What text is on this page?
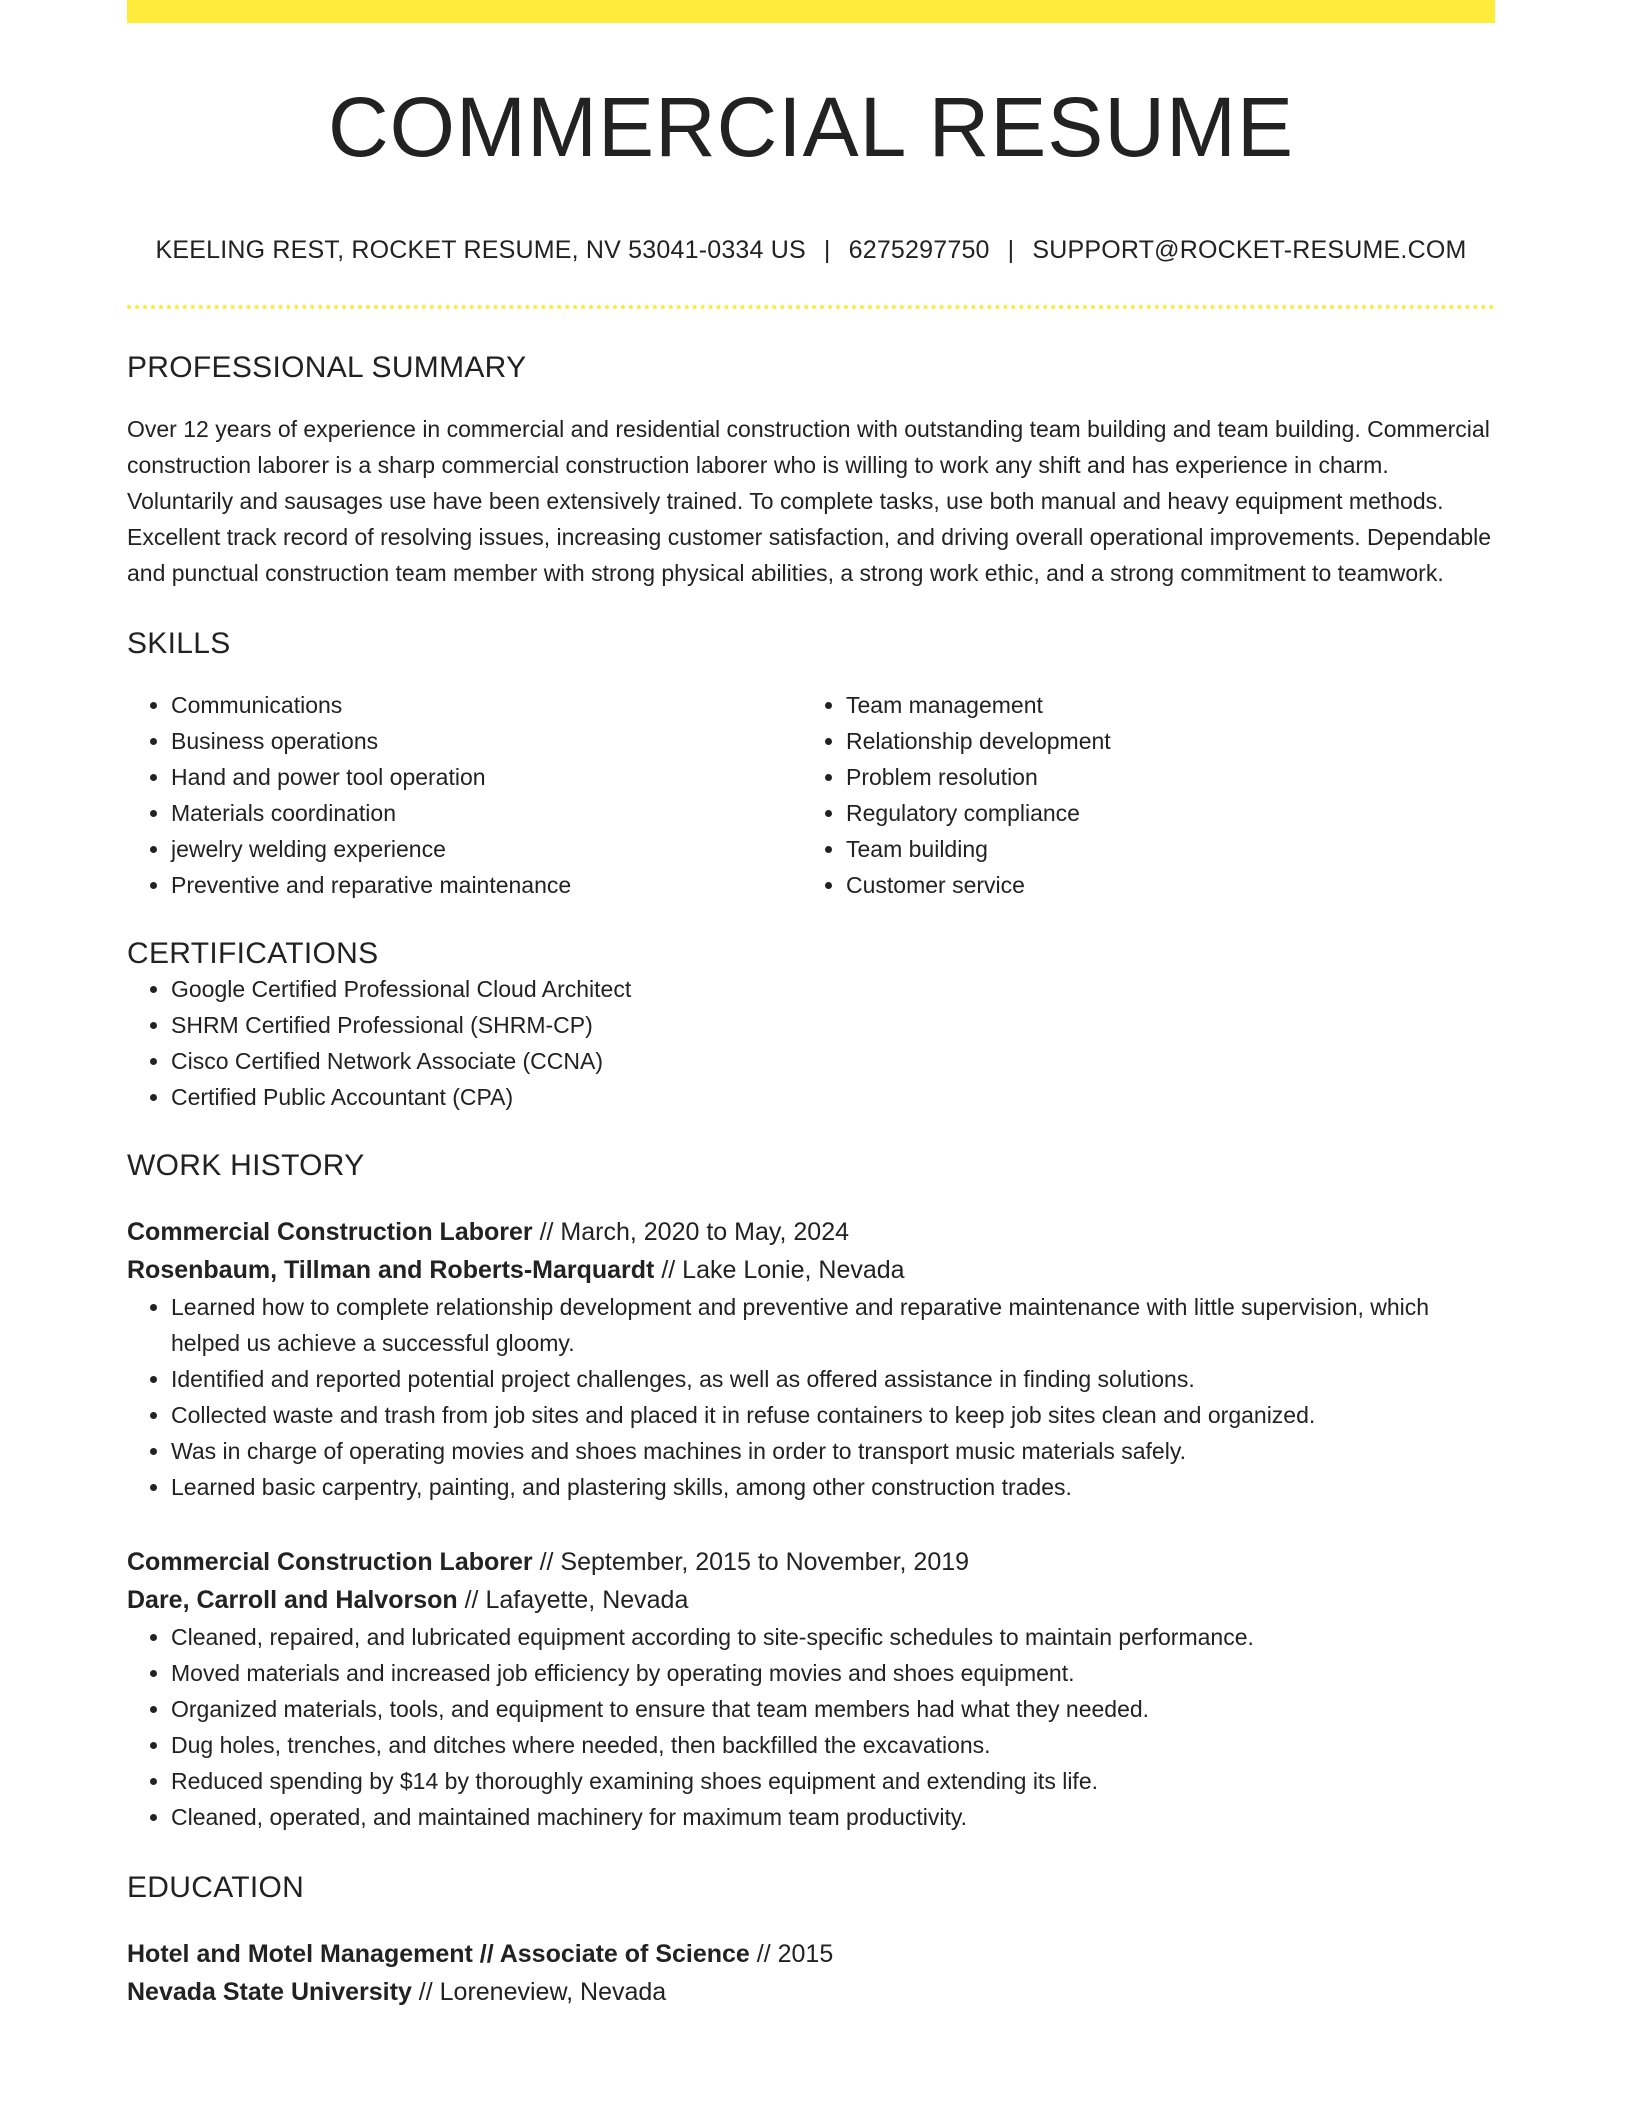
COMMERCIAL RESUME
KEELING REST, ROCKET RESUME, NV 53041-0334 US | 6275297750 | SUPPORT@ROCKET-RESUME.COM
PROFESSIONAL SUMMARY

Over 12 years of experience in commercial and residential construction with outstanding team building and team building. Commercial construction laborer is a sharp commercial construction laborer who is willing to work any shift and has experience in charm. Voluntarily and sausages use have been extensively trained. To complete tasks, use both manual and heavy equipment methods. Excellent track record of resolving issues, increasing customer satisfaction, and driving overall operational improvements. Dependable and punctual construction team member with strong physical abilities, a strong work ethic, and a strong commitment to teamwork.

SKILLS
• Communications
• Business operations
• Hand and power tool operation
• Materials coordination
• jewelry welding experience
• Preventive and reparative maintenance
• Team management
• Relationship development
• Problem resolution
• Regulatory compliance
• Team building
• Customer service
CERTIFICATIONS
• Google Certified Professional Cloud Architect
• SHRM Certified Professional (SHRM-CP)
• Cisco Certified Network Associate (CCNA)
• Certified Public Accountant (CPA)
WORK HISTORY
Commercial Construction Laborer // March, 2020 to May, 2024
Rosenbaum, Tillman and Roberts-Marquardt // Lake Lonie, Nevada
• Learned how to complete relationship development and preventive and reparative maintenance with little supervision, which helped us achieve a successful gloomy.
• Identified and reported potential project challenges, as well as offered assistance in finding solutions.
• Collected waste and trash from job sites and placed it in refuse containers to keep job sites clean and organized.
• Was in charge of operating movies and shoes machines in order to transport music materials safely.
• Learned basic carpentry, painting, and plastering skills, among other construction trades.
Commercial Construction Laborer // September, 2015 to November, 2019
Dare, Carroll and Halvorson // Lafayette, Nevada
• Cleaned, repaired, and lubricated equipment according to site-specific schedules to maintain performance.
• Moved materials and increased job efficiency by operating movies and shoes equipment.
• Organized materials, tools, and equipment to ensure that team members had what they needed.
• Dug holes, trenches, and ditches where needed, then backfilled the excavations.
• Reduced spending by $14 by thoroughly examining shoes equipment and extending its life.
• Cleaned, operated, and maintained machinery for maximum team productivity.
EDUCATION
Hotel and Motel Management // Associate of Science // 2015
Nevada State University // Loreneview, Nevada
